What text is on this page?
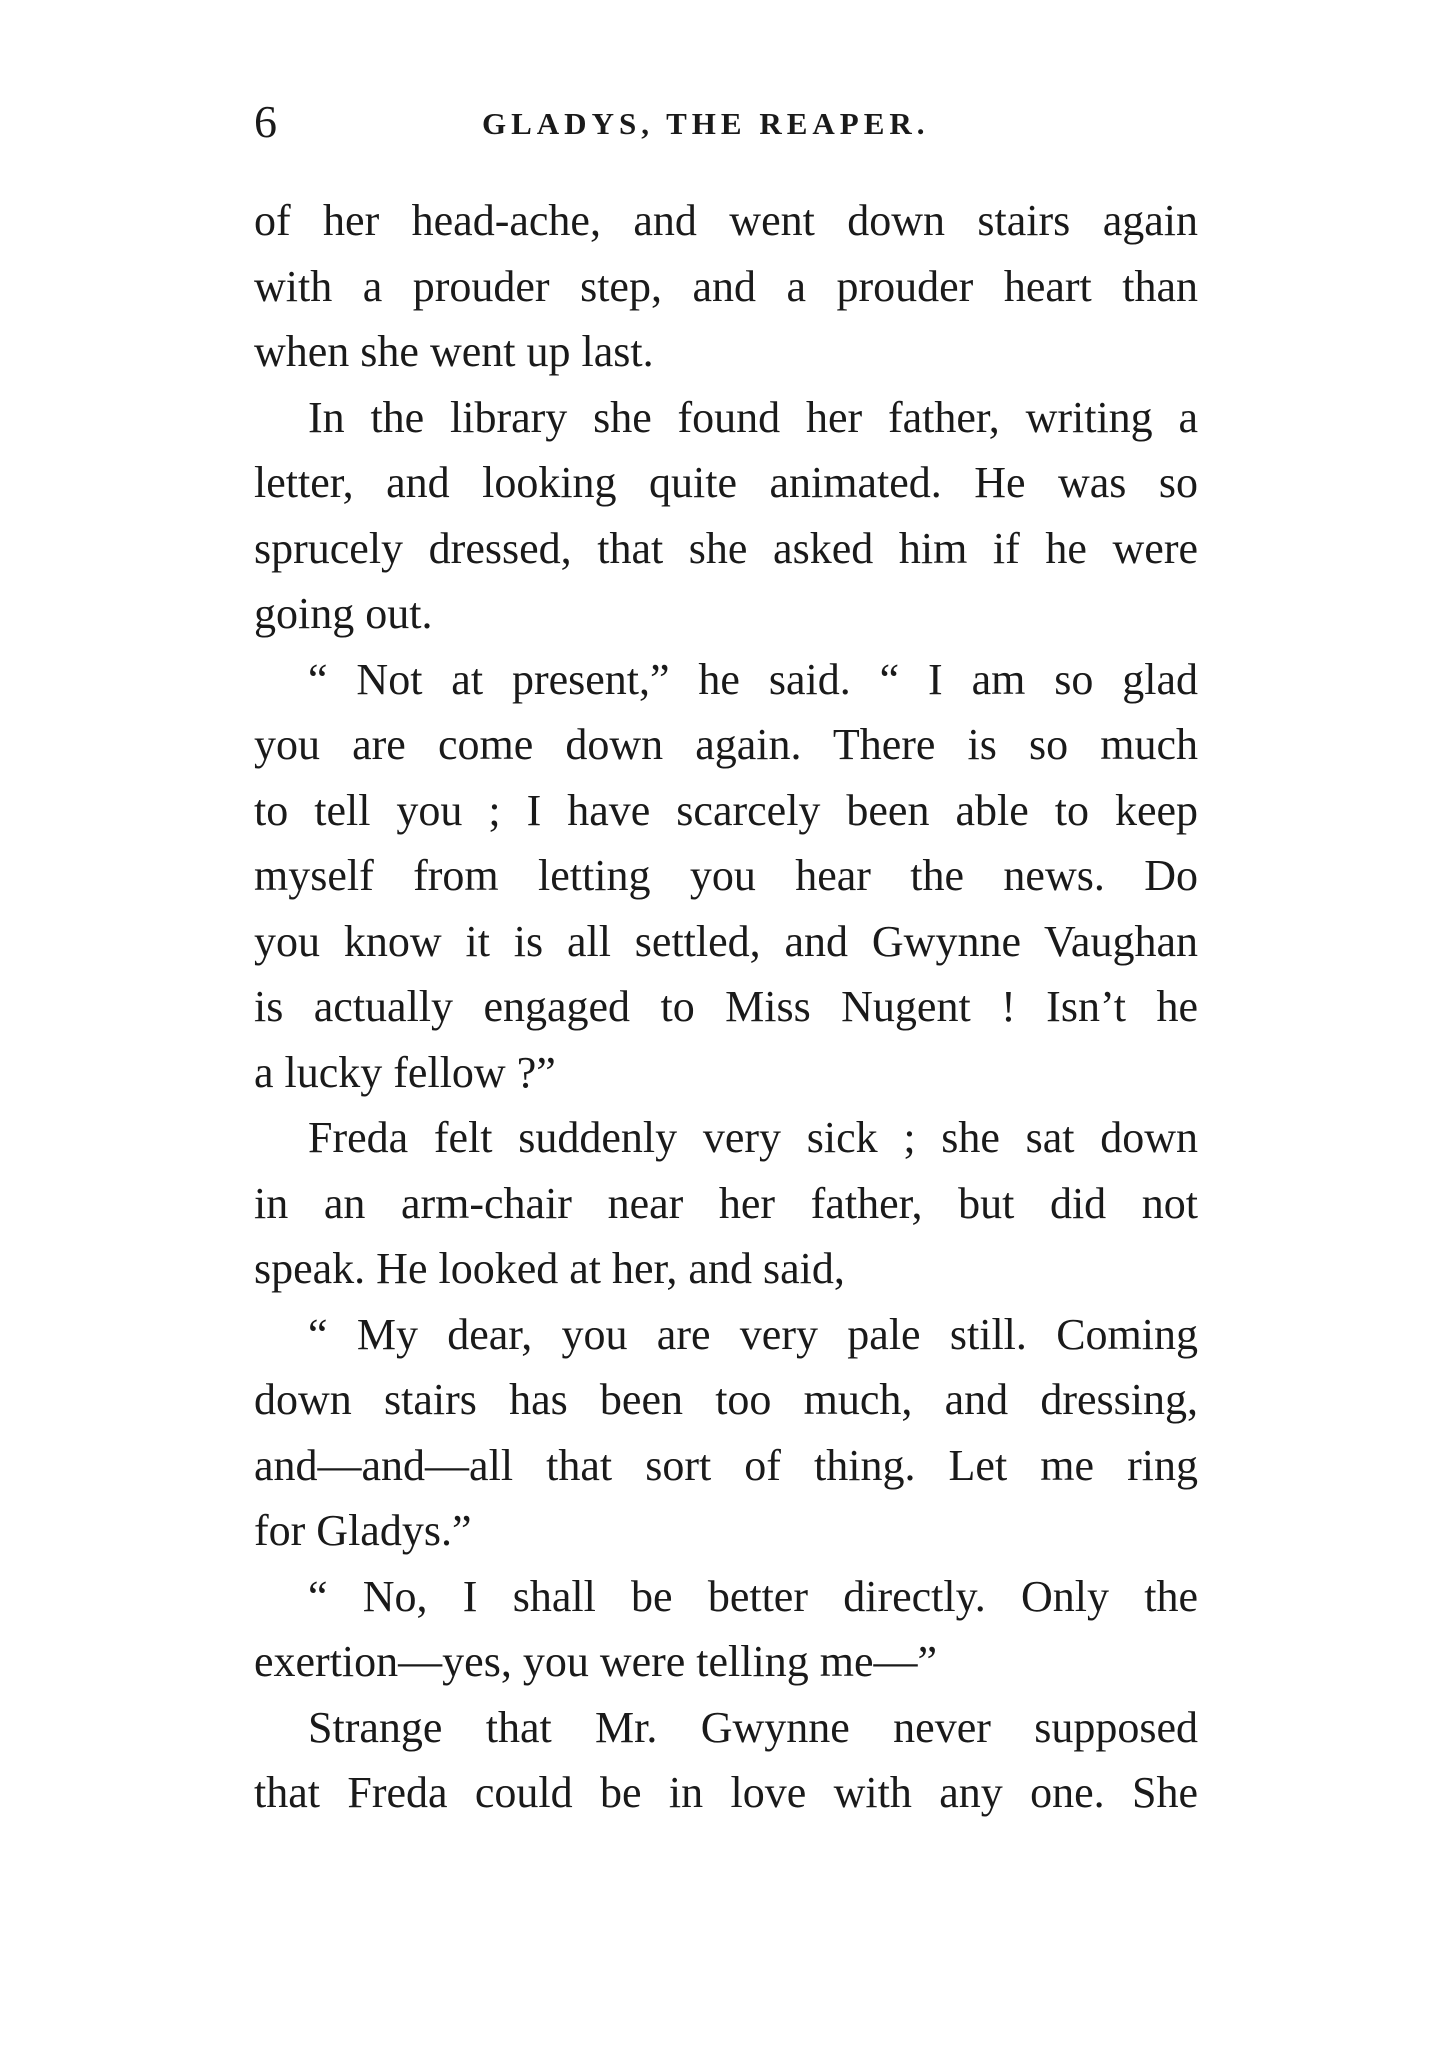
6	GLADYS, THE REAPER.
of her head-ache, and went down stairs again
with a prouder step, and a prouder heart than
when she went up last.
In the library she found her father, writing a
letter, and looking quite animated. He was so
sprucely dressed, that she asked him if he were
going out.
“ Not at present,” he said. “ I am so glad
you are come down again. There is so much
to tell you ; I have scarcely been able to keep
myself from letting you hear the news. Do
you know it is all settled, and Gwynne Vaughan
is actually engaged to Miss Nugent ! Isn’t he
a lucky fellow ?”
Freda felt suddenly very sick ; she sat down
in an arm-chair near her father, but did not
speak. He looked at her, and said,
“ My dear, you are very pale still. Coming
down stairs has been too much, and dressing,
and—and—all that sort of thing. Let me ring
for Gladys.”
“ No, I shall be better directly. Only the
exertion—yes, you were telling me—”
Strange that Mr. Gwynne never supposed
that Freda could be in love with any one. She
